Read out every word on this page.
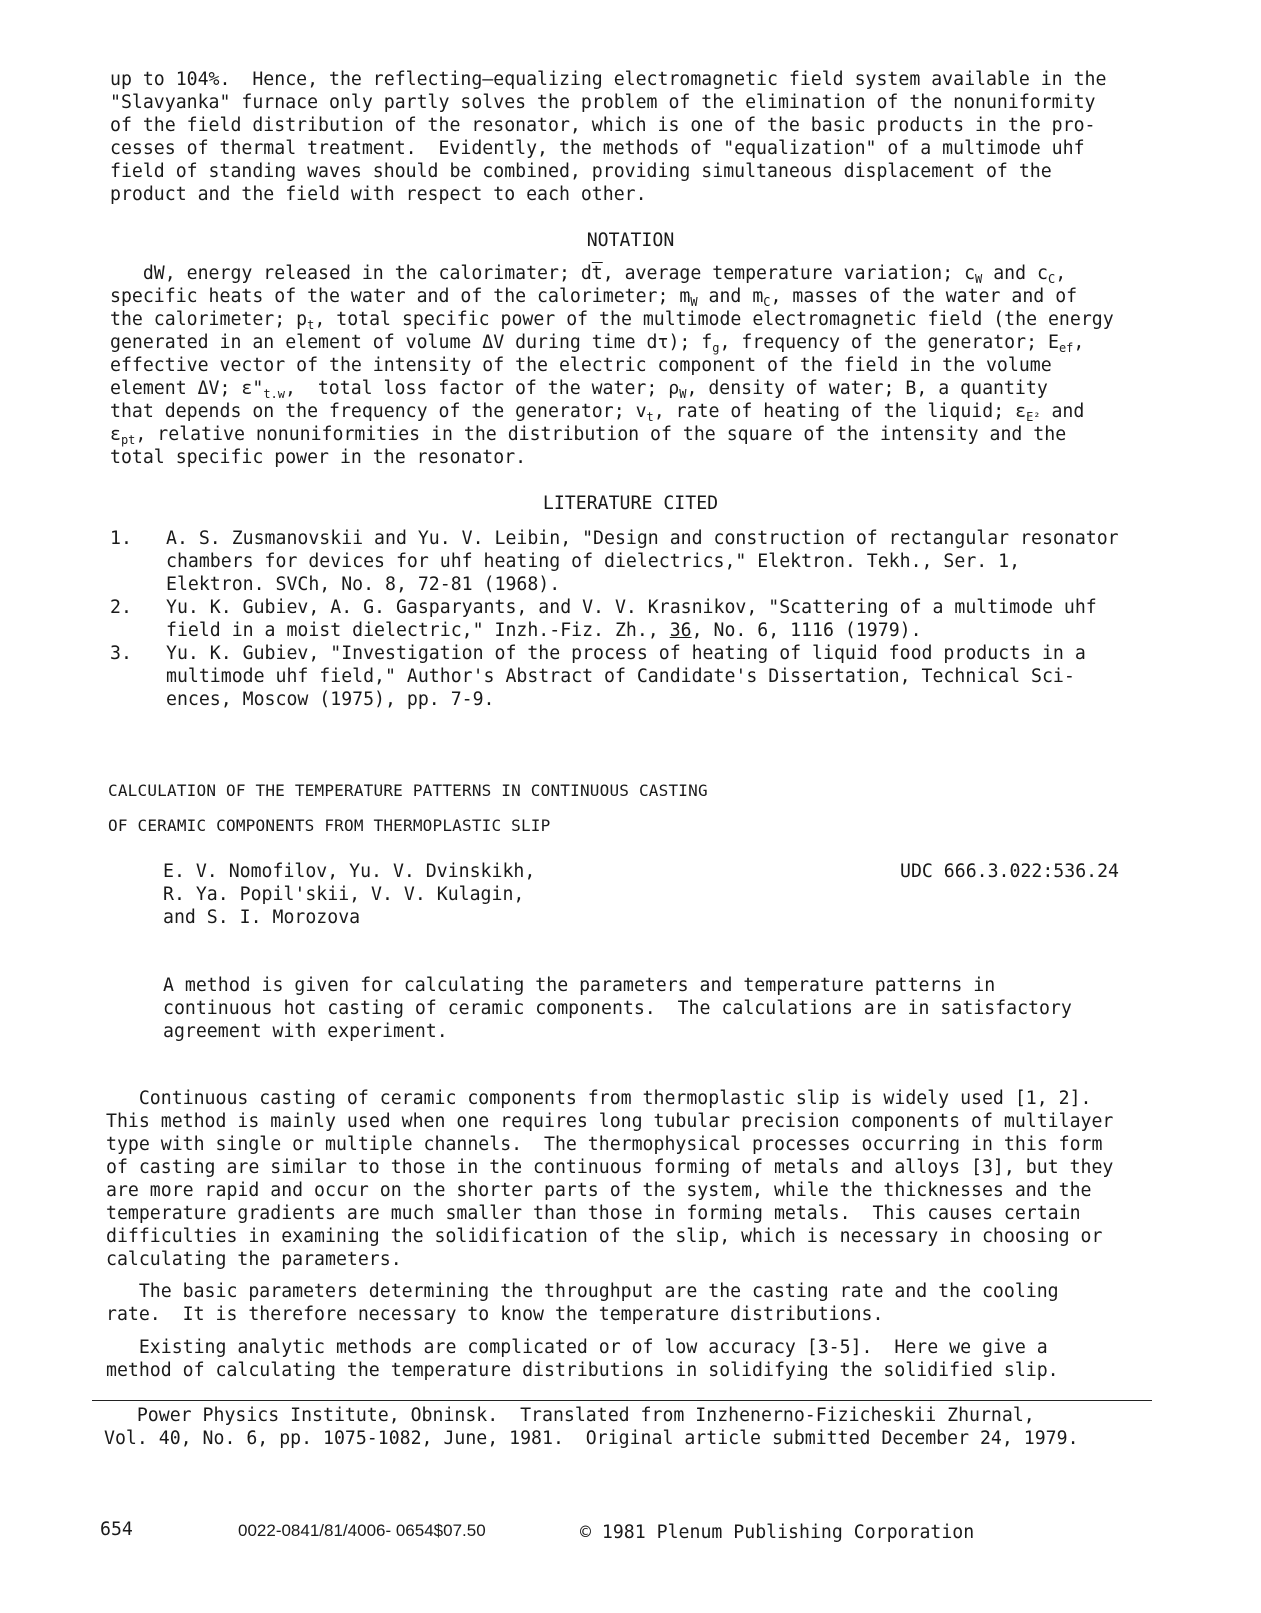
up to 104%.  Hence, the reflecting—equalizing electromagnetic field system available in the
"Slavyanka" furnace only partly solves the problem of the elimination of the nonuniformity
of the field distribution of the resonator, which is one of the basic products in the pro-
cesses of thermal treatment.  Evidently, the methods of "equalization" of a multimode uhf
field of standing waves should be combined, providing simultaneous displacement of the
product and the field with respect to each other.
NOTATION
dW, energy released in the calorimater; $d\overline{t}$, average temperature variation; $c_W$ and $c_C$,
specific heats of the water and of the calorimeter; $m_W$ and $m_C$, masses of the water and of
the calorimeter; $p_t$, total specific power of the multimode electromagnetic field (the energy
generated in an element of volume ΔV during time dτ); $f_g$, frequency of the generator; $E_{ef}$,
effective vector of the intensity of the electric component of the field in the volume
element ΔV; $\varepsilon"_{t.w}$,  total loss factor of the water; $\rho_W$, density of water; B, a quantity
that depends on the frequency of the generator; $v_t$, rate of heating of the liquid; $\varepsilon_{E^2}$ and
$\varepsilon_{pt}$, relative nonuniformities in the distribution of the square of the intensity and the
total specific power in the resonator.
LITERATURE CITED
1. A. S. Zusmanovskii and Yu. V. Leibin, "Design and construction of rectangular resonator
chambers for devices for uhf heating of dielectrics," Elektron. Tekh., Ser. 1,
Elektron. SVCh, No. 8, 72-81 (1968).
2. Yu. K. Gubiev, A. G. Gasparyants, and V. V. Krasnikov, "Scattering of a multimode uhf
field in a moist dielectric," Inzh.-Fiz. Zh., 36, No. 6, 1116 (1979).
3. Yu. K. Gubiev, "Investigation of the process of heating of liquid food products in a
multimode uhf field," Author's Abstract of Candidate's Dissertation, Technical Sci-
ences, Moscow (1975), pp. 7-9.
CALCULATION OF THE TEMPERATURE PATTERNS IN CONTINUOUS CASTING
OF CERAMIC COMPONENTS FROM THERMOPLASTIC SLIP
E. V. Nomofilov, Yu. V. Dvinskikh,
R. Ya. Popil'skii, V. V. Kulagin,
and S. I. Morozova
UDC 666.3.022:536.24
A method is given for calculating the parameters and temperature patterns in
continuous hot casting of ceramic components.  The calculations are in satisfactory
agreement with experiment.
Continuous casting of ceramic components from thermoplastic slip is widely used [1, 2].
This method is mainly used when one requires long tubular precision components of multilayer
type with single or multiple channels.  The thermophysical processes occurring in this form
of casting are similar to those in the continuous forming of metals and alloys [3], but they
are more rapid and occur on the shorter parts of the system, while the thicknesses and the
temperature gradients are much smaller than those in forming metals.  This causes certain
difficulties in examining the solidification of the slip, which is necessary in choosing or
calculating the parameters.
The basic parameters determining the throughput are the casting rate and the cooling
rate.  It is therefore necessary to know the temperature distributions.
Existing analytic methods are complicated or of low accuracy [3-5].  Here we give a
method of calculating the temperature distributions in solidifying the solidified slip.
Power Physics Institute, Obninsk.  Translated from Inzhenerno-Fizicheskii Zhurnal,
Vol. 40, No. 6, pp. 1075-1082, June, 1981.  Original article submitted December 24, 1979.
654	0022-0841/81/4006- 0654$07.50	© 1981 Plenum Publishing Corporation
